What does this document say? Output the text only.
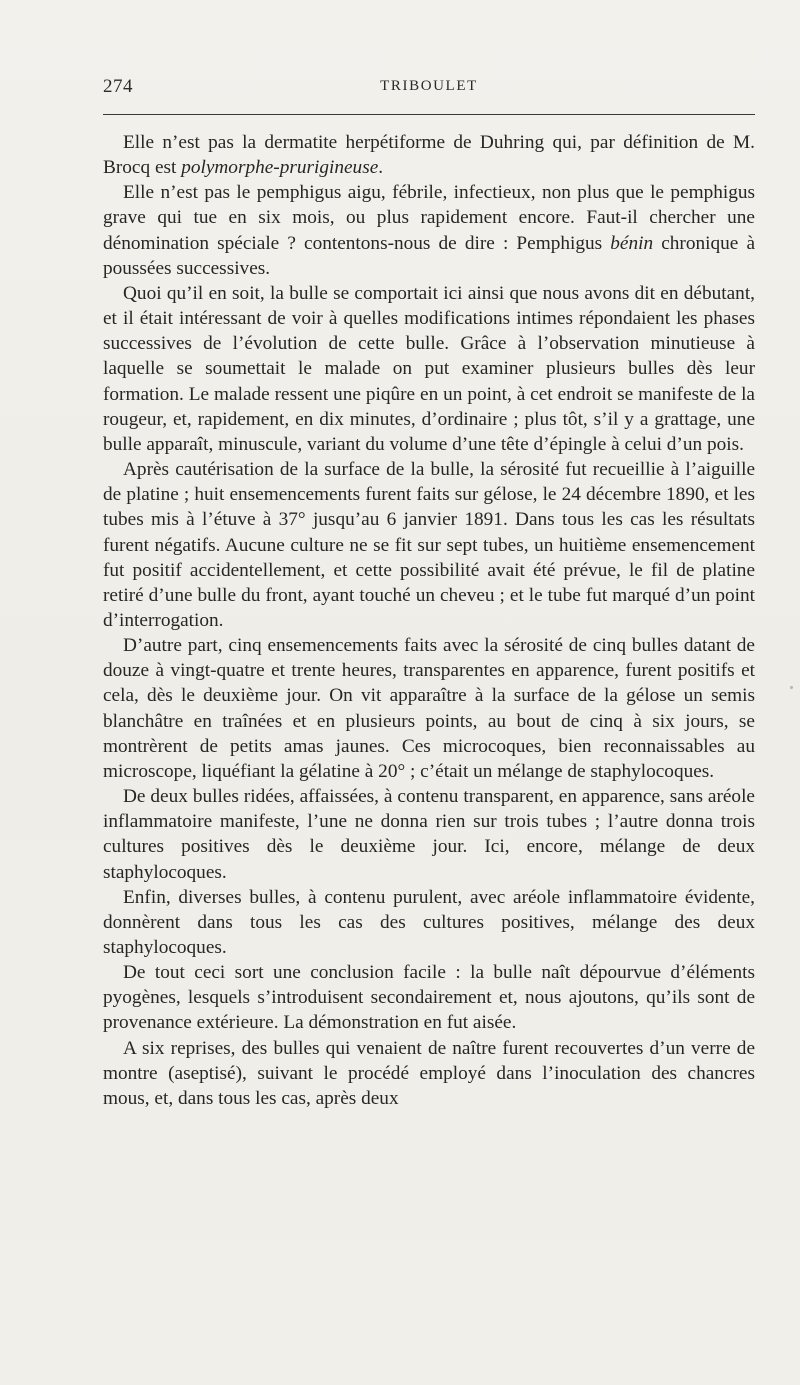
274	TRIBOULET

Elle n’est pas la dermatite herpétiforme de Duhring qui, par définition de M. Brocq est polymorphe-prurigineuse.

Elle n’est pas le pemphigus aigu, fébrile, infectieux, non plus que le pemphigus grave qui tue en six mois, ou plus rapidement encore. Faut-il chercher une dénomination spéciale ? contentons-nous de dire : Pemphigus bénin chronique à poussées successives.

Quoi qu’il en soit, la bulle se comportait ici ainsi que nous avons dit en débutant, et il était intéressant de voir à quelles modifications intimes répondaient les phases successives de l’évolution de cette bulle. Grâce à l’observation minutieuse à laquelle se soumettait le malade on put examiner plusieurs bulles dès leur formation. Le malade ressent une piqûre en un point, à cet endroit se manifeste de la rougeur, et, rapidement, en dix minutes, d’ordinaire ; plus tôt, s’il y a grattage, une bulle apparaît, minuscule, variant du volume d’une tête d’épingle à celui d’un pois.

Après cautérisation de la surface de la bulle, la sérosité fut recueillie à l’aiguille de platine ; huit ensemencements furent faits sur gélose, le 24 décembre 1890, et les tubes mis à l’étuve à 37° jusqu’au 6 janvier 1891. Dans tous les cas les résultats furent négatifs. Aucune culture ne se fit sur sept tubes, un huitième ensemencement fut positif accidentellement, et cette possibilité avait été prévue, le fil de platine retiré d’une bulle du front, ayant touché un cheveu ; et le tube fut marqué d’un point d’interrogation.

D’autre part, cinq ensemencements faits avec la sérosité de cinq bulles datant de douze à vingt-quatre et trente heures, transparentes en apparence, furent positifs et cela, dès le deuxième jour. On vit apparaître à la surface de la gélose un semis blanchâtre en traînées et en plusieurs points, au bout de cinq à six jours, se montrèrent de petits amas jaunes. Ces microcoques, bien reconnaissables au microscope, liquéfiant la gélatine à 20° ; c’était un mélange de staphylocoques.

De deux bulles ridées, affaissées, à contenu transparent, en apparence, sans aréole inflammatoire manifeste, l’une ne donna rien sur trois tubes ; l’autre donna trois cultures positives dès le deuxième jour. Ici, encore, mélange de deux staphylocoques.

Enfin, diverses bulles, à contenu purulent, avec aréole inflammatoire évidente, donnèrent dans tous les cas des cultures positives, mélange des deux staphylocoques.

De tout ceci sort une conclusion facile : la bulle naît dépourvue d’éléments pyogènes, lesquels s’introduisent secondairement et, nous ajoutons, qu’ils sont de provenance extérieure. La démonstration en fut aisée.

A six reprises, des bulles qui venaient de naître furent recouvertes d’un verre de montre (aseptisé), suivant le procédé employé dans l’inoculation des chancres mous, et, dans tous les cas, après deux
